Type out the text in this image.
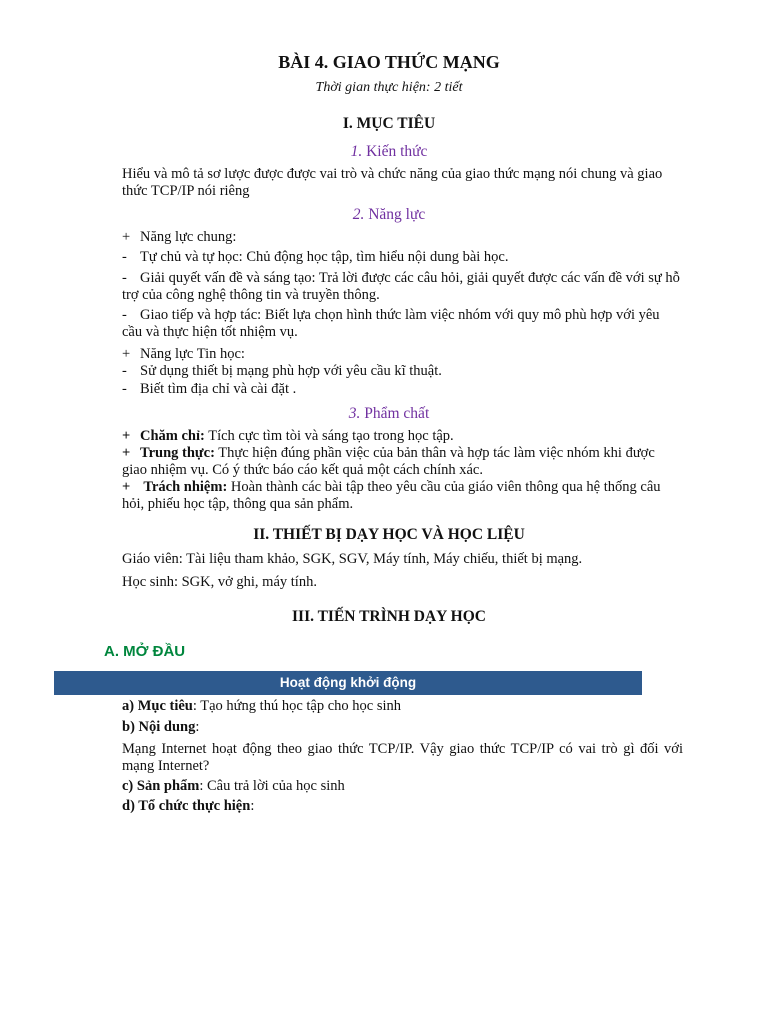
BÀI 4. GIAO THỨC MẠNG
Thời gian thực hiện: 2 tiết
I. MỤC TIÊU
1. Kiến thức
Hiểu và mô tả sơ lược được được vai trò và chức năng của giao thức mạng nói chung và giao thức TCP/IP nói riêng
2. Năng lực
+ Năng lực chung:
- Tự chủ và tự học: Chủ động học tập, tìm hiểu nội dung bài học.
- Giải quyết vấn đề và sáng tạo: Trả lời được các câu hỏi, giải quyết được các vấn đề với sự hỗ trợ của công nghệ thông tin và truyền thông.
- Giao tiếp và hợp tác: Biết lựa chọn hình thức làm việc nhóm với quy mô phù hợp với yêu cầu và thực hiện tốt nhiệm vụ.
+ Năng lực Tin học:
- Sử dụng thiết bị mạng phù hợp với yêu cầu kĩ thuật.
- Biết tìm địa chỉ và cài đặt .
3. Phẩm chất
+ Chăm chỉ: Tích cực tìm tòi và sáng tạo trong học tập.
+ Trung thực: Thực hiện đúng phần việc của bản thân và hợp tác làm việc nhóm khi được giao nhiệm vụ. Có ý thức báo cáo kết quả một cách chính xác.
+ Trách nhiệm: Hoàn thành các bài tập theo yêu cầu của giáo viên thông qua hệ thống câu hỏi, phiếu học tập, thông qua sản phẩm.
II. THIẾT BỊ DẠY HỌC VÀ HỌC LIỆU
Giáo viên: Tài liệu tham khảo, SGK, SGV, Máy tính, Máy chiếu, thiết bị mạng.
Học sinh: SGK, vở ghi, máy tính.
III. TIẾN TRÌNH DẠY HỌC
A. MỞ ĐẦU
Hoạt động khởi động
a) Mục tiêu: Tạo hứng thú học tập cho học sinh
b) Nội dung:
Mạng Internet hoạt động theo giao thức TCP/IP. Vậy giao thức TCP/IP có vai trò gì đối với mạng Internet?
c) Sản phẩm: Câu trả lời của học sinh
d) Tổ chức thực hiện:
